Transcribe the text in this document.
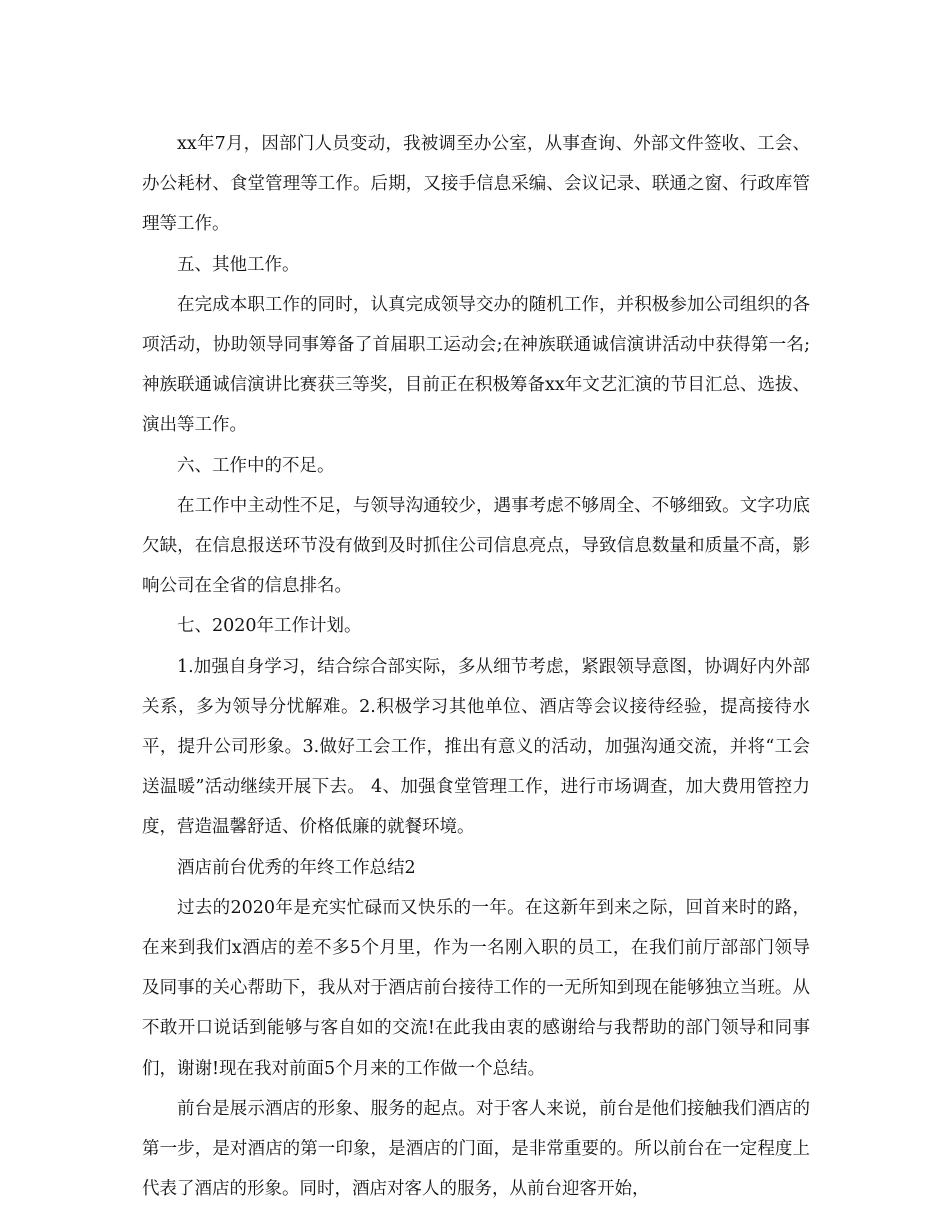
xx年7月，因部门人员变动，我被调至办公室，从事查询、外部文件签收、工会、办公耗材、食堂管理等工作。后期，又接手信息采编、会议记录、联通之窗、行政库管理等工作。

五、其他工作。

在完成本职工作的同时，认真完成领导交办的随机工作，并积极参加公司组织的各项活动，协助领导同事筹备了首届职工运动会;在神族联通诚信演讲活动中获得第一名;神族联通诚信演讲比赛获三等奖，目前正在积极筹备xx年文艺汇演的节目汇总、选拔、演出等工作。

六、工作中的不足。

在工作中主动性不足，与领导沟通较少，遇事考虑不够周全、不够细致。文字功底欠缺，在信息报送环节没有做到及时抓住公司信息亮点，导致信息数量和质量不高，影响公司在全省的信息排名。

七、2020年工作计划。

1.加强自身学习，结合综合部实际，多从细节考虑，紧跟领导意图，协调好内外部关系，多为领导分忧解难。2.积极学习其他单位、酒店等会议接待经验，提高接待水平，提升公司形象。3.做好工会工作，推出有意义的活动，加强沟通交流，并将“工会送温暖”活动继续开展下去。 4、加强食堂管理工作，进行市场调查，加大费用管控力度，营造温馨舒适、价格低廉的就餐环境。

酒店前台优秀的年终工作总结2

过去的2020年是充实忙碌而又快乐的一年。在这新年到来之际，回首来时的路，在来到我们x酒店的差不多5个月里，作为一名刚入职的员工，在我们前厅部部门领导及同事的关心帮助下，我从对于酒店前台接待工作的一无所知到现在能够独立当班。从不敢开口说话到能够与客自如的交流!在此我由衷的感谢给与我帮助的部门领导和同事们，谢谢!现在我对前面5个月来的工作做一个总结。

前台是展示酒店的形象、服务的起点。对于客人来说，前台是他们接触我们酒店的第一步，是对酒店的第一印象，是酒店的门面，是非常重要的。所以前台在一定程度上代表了酒店的形象。同时，酒店对客人的服务，从前台迎客开始，
